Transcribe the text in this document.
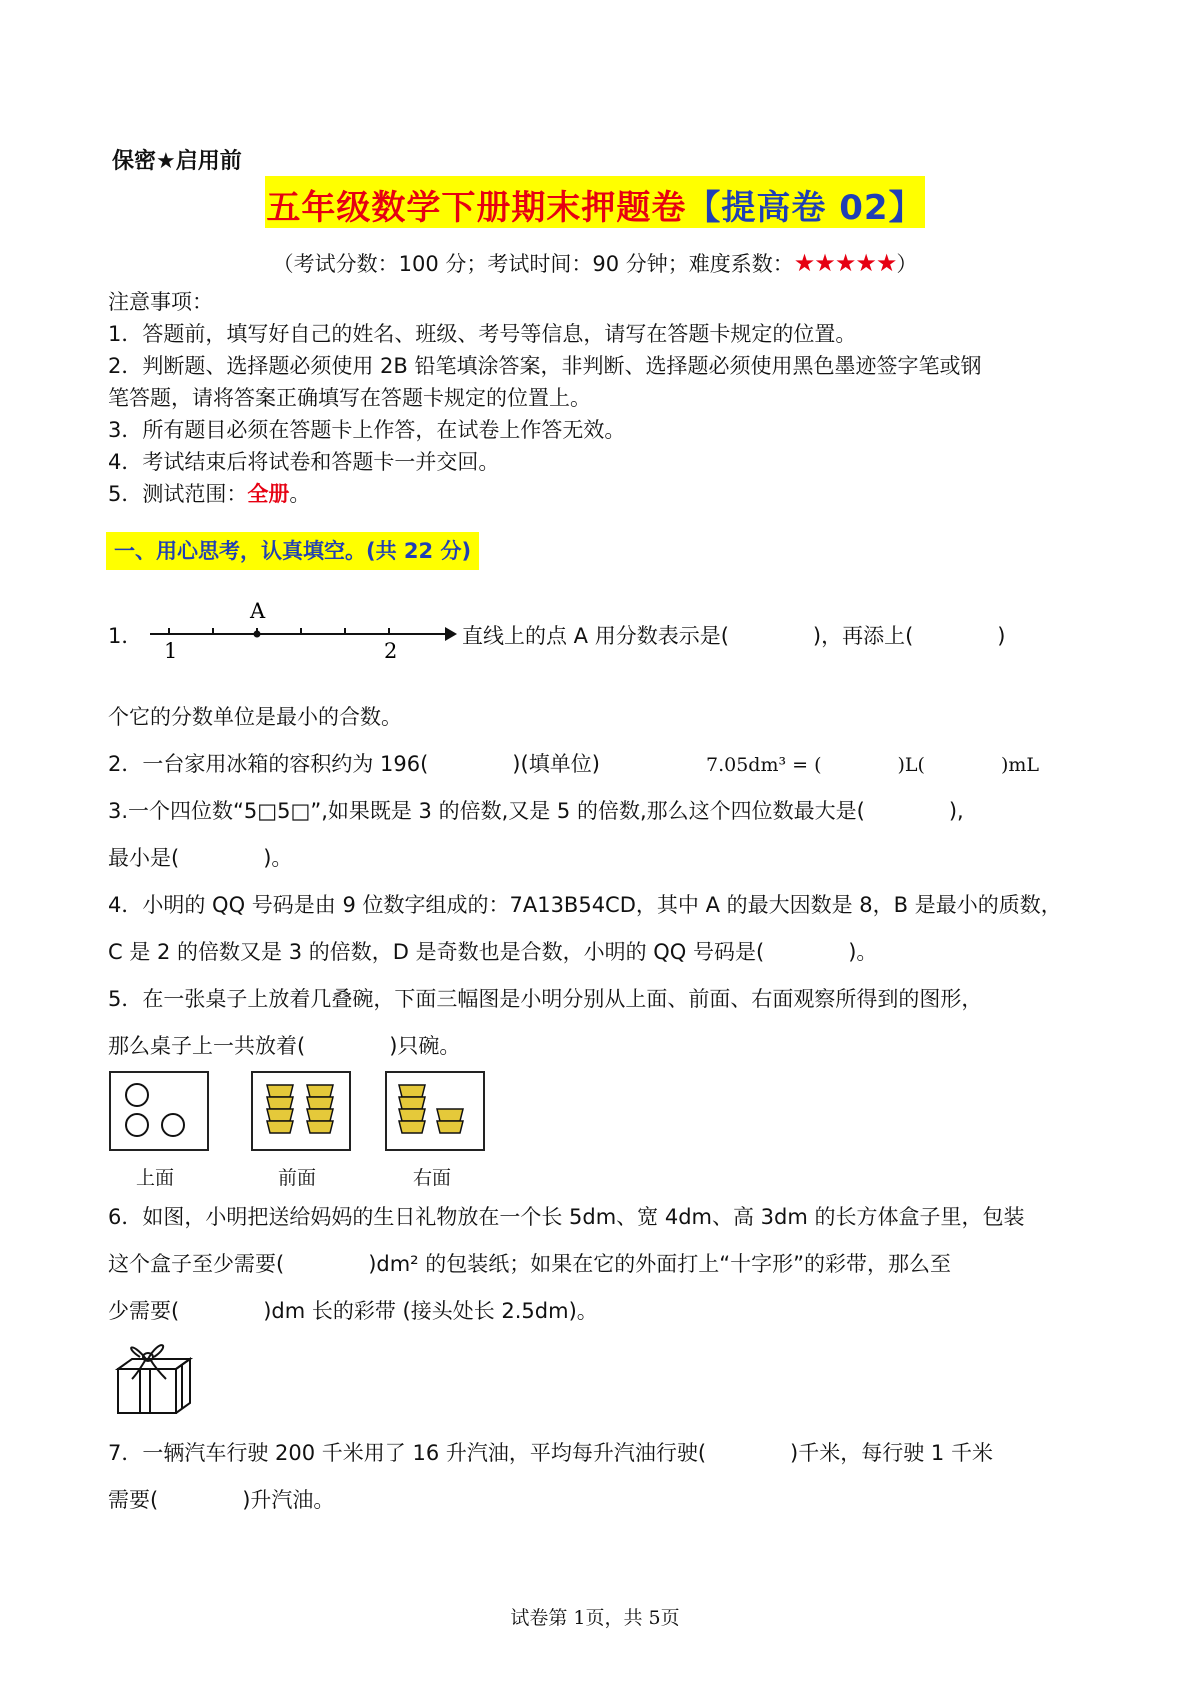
保密★启用前
五年级数学下册期末押题卷【提高卷 02】
（考试分数：100 分；考试时间：90 分钟；难度系数：★★★★★）
注意事项：
1．答题前，填写好自己的姓名、班级、考号等信息，请写在答题卡规定的位置。
2．判断题、选择题必须使用 2B 铅笔填涂答案，非判断、选择题必须使用黑色墨迹签字笔或钢
笔答题，请将答案正确填写在答题卡规定的位置上。
3．所有题目必须在答题卡上作答，在试卷上作答无效。
4．考试结束后将试卷和答题卡一并交回。
5．测试范围：全册。
一、用心思考，认真填空。(共 22 分)
1．
A
1	2
直线上的点 A 用分数表示是(　　　　)，再添上(　　　　)
个它的分数单位是最小的合数。
2．一台家用冰箱的容积约为 196(　　　　)(填单位)	7.05dm³ = (　　　　)L(　　　　)mL
3.一个四位数“5□5□”,如果既是 3 的倍数,又是 5 的倍数,那么这个四位数最大是(　　　　),
最小是(　　　　)。
4．小明的 QQ 号码是由 9 位数字组成的：7A13B54CD，其中 A 的最大因数是 8，B 是最小的质数，
C 是 2 的倍数又是 3 的倍数，D 是奇数也是合数，小明的 QQ 号码是(　　　　)。
5．在一张桌子上放着几叠碗，下面三幅图是小明分别从上面、前面、右面观察所得到的图形，
那么桌子上一共放着(　　　　)只碗。
上面	前面	右面
6．如图，小明把送给妈妈的生日礼物放在一个长 5dm、宽 4dm、高 3dm 的长方体盒子里，包装
这个盒子至少需要(　　　　)dm² 的包装纸；如果在它的外面打上“十字形”的彩带，那么至
少需要(　　　　)dm 长的彩带 (接头处长 2.5dm)。
7．一辆汽车行驶 200 千米用了 16 升汽油，平均每升汽油行驶(　　　　)千米，每行驶 1 千米
需要(　　　　)升汽油。
试卷第 1页，共 5页
